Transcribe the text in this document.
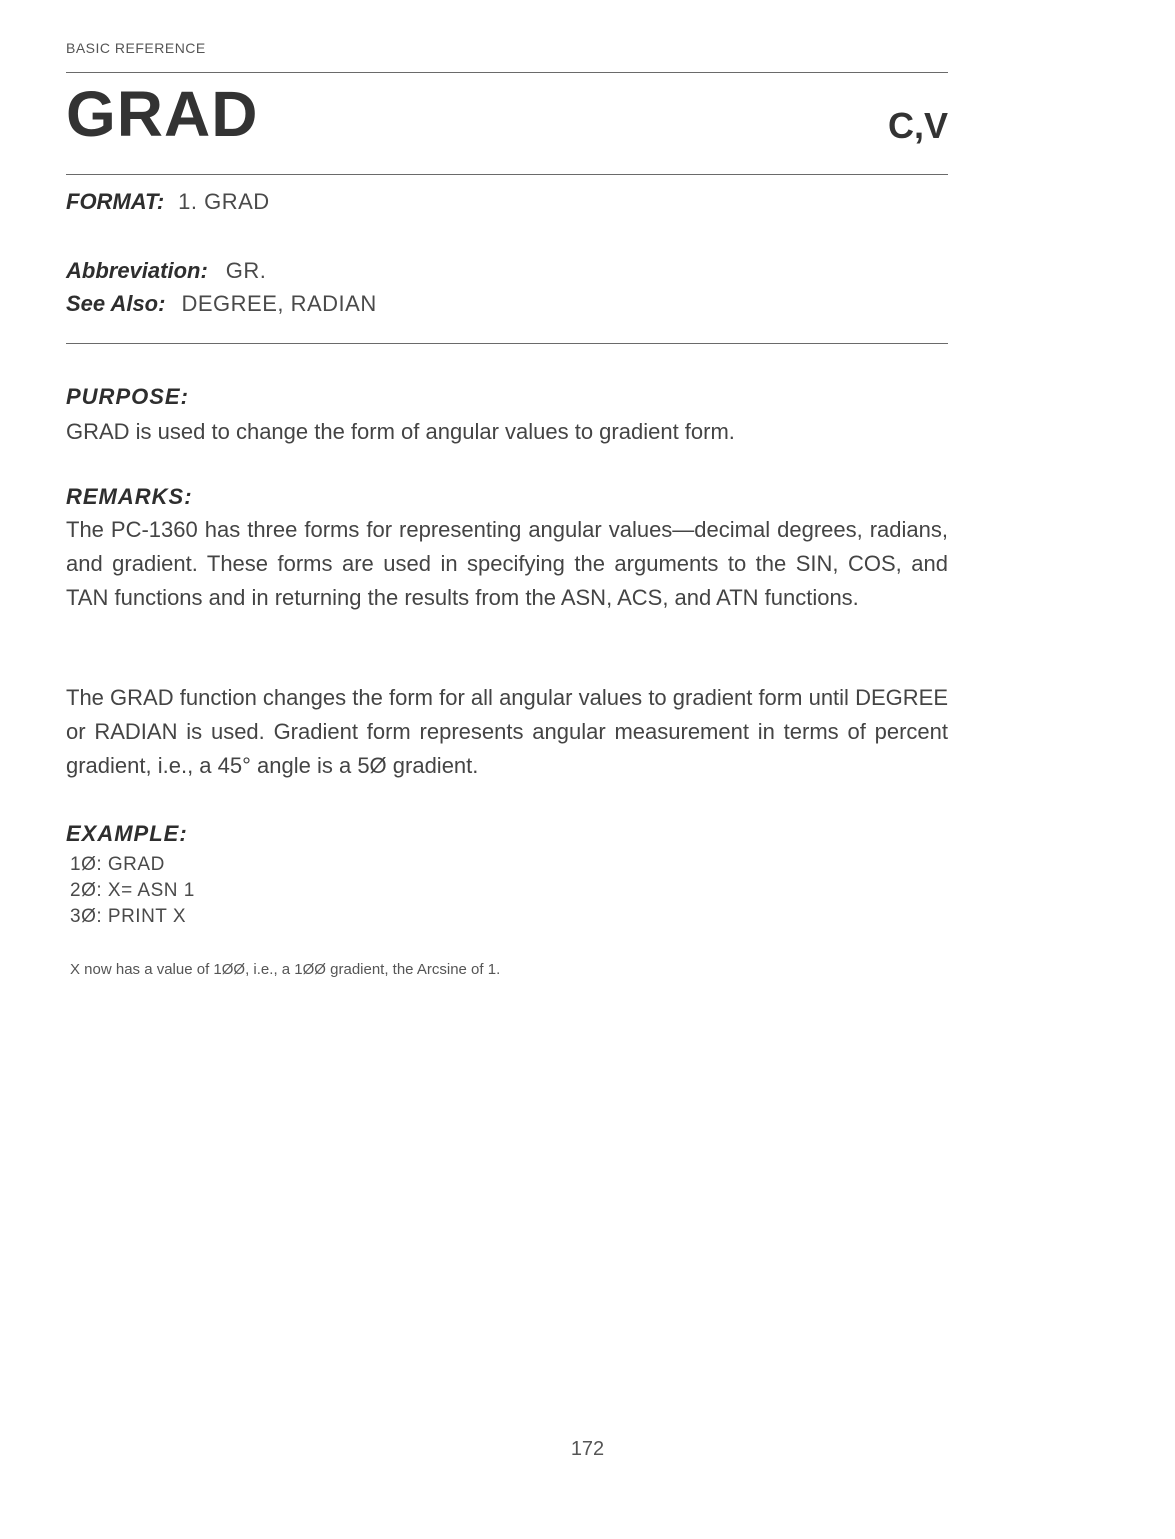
BASIC REFERENCE
GRAD	C,V
FORMAT: 1. GRAD
Abbreviation: GR.
See Also: DEGREE, RADIAN
PURPOSE:

GRAD is used to change the form of angular values to gradient form.

REMARKS:

The PC-1360 has three forms for representing angular values—decimal degrees, radians, and gradient. These forms are used in specifying the arguments to the SIN, COS, and TAN functions and in returning the results from the ASN, ACS, and ATN functions.

The GRAD function changes the form for all angular values to gradient form until DEGREE or RADIAN is used. Gradient form represents angular measurement in terms of percent gradient, i.e., a 45° angle is a 5Ø gradient.

EXAMPLE:
1Ø: GRAD
2Ø: X= ASN 1
3Ø: PRINT X
X now has a value of 1ØØ, i.e., a 1ØØ gradient, the Arcsine of 1.
172
